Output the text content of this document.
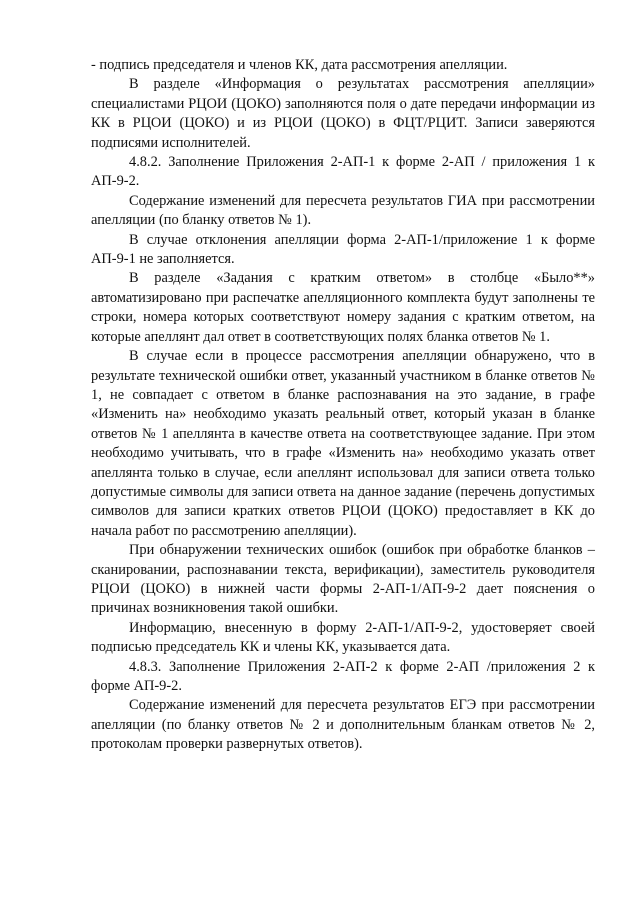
- подпись председателя и членов КК, дата рассмотрения апелляции.

В разделе «Информация о результатах рассмотрения апелляции» специалистами РЦОИ (ЦОКО) заполняются поля о дате передачи информации из КК в РЦОИ (ЦОКО) и из РЦОИ (ЦОКО) в ФЦТ/РЦИТ. Записи заверяются подписями исполнителей.

4.8.2. Заполнение Приложения 2-АП-1 к форме 2-АП / приложения 1 к АП-9-2.

Содержание изменений для пересчета результатов ГИА при рассмотрении апелляции (по бланку ответов № 1).

В случае отклонения апелляции форма 2-АП-1/приложение 1 к форме АП-9-1 не заполняется.

В разделе «Задания с кратким ответом» в столбце «Было**» автоматизировано при распечатке апелляционного комплекта будут заполнены те строки, номера которых соответствуют номеру задания с кратким ответом, на которые апеллянт дал ответ в соответствующих полях бланка ответов № 1.

В случае если в процессе рассмотрения апелляции обнаружено, что в результате технической ошибки ответ, указанный участником в бланке ответов № 1, не совпадает с ответом в бланке распознавания на это задание, в графе «Изменить на» необходимо указать реальный ответ, который указан в бланке ответов № 1 апеллянта в качестве ответа на соответствующее задание. При этом необходимо учитывать, что в графе «Изменить на» необходимо указать ответ апеллянта только в случае, если апеллянт использовал для записи ответа только допустимые символы для записи ответа на данное задание (перечень допустимых символов для записи кратких ответов РЦОИ (ЦОКО) предоставляет в КК до начала работ по рассмотрению апелляции).

При обнаружении технических ошибок (ошибок при обработке бланков – сканировании, распознавании текста, верификации), заместитель руководителя РЦОИ (ЦОКО) в нижней части формы 2-АП-1/АП-9-2 дает пояснения о причинах возникновения такой ошибки.

Информацию, внесенную в форму 2-АП-1/АП-9-2, удостоверяет своей подписью председатель КК и члены КК, указывается дата.

4.8.3. Заполнение Приложения 2-АП-2 к форме 2-АП /приложения 2 к форме АП-9-2.

Содержание изменений для пересчета результатов ЕГЭ при рассмотрении апелляции (по бланку ответов № 2 и дополнительным бланкам ответов № 2, протоколам проверки развернутых ответов).
